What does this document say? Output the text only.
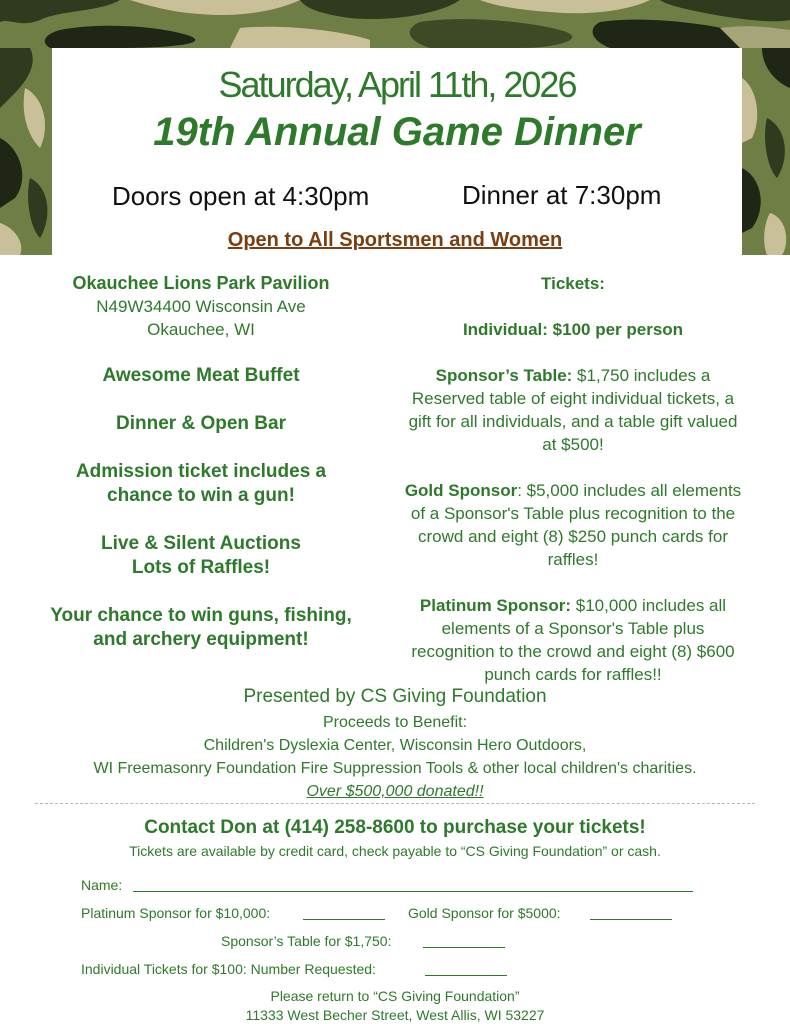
Saturday, April 11th, 2026
19th Annual Game Dinner
Doors open at 4:30pm	Dinner at 7:30pm
Open to All Sportsmen and Women
Okauchee Lions Park Pavilion
N49W34400 Wisconsin Ave
Okauchee, WI
Awesome Meat Buffet
Dinner & Open Bar
Admission ticket includes a
chance to win a gun!
Live & Silent Auctions
Lots of Raffles!
Your chance to win guns, fishing,
and archery equipment!
Tickets:
Individual: $100 per person
Sponsor’s Table: $1,750 includes a
Reserved table of eight individual tickets, a
gift for all individuals, and a table gift valued
at $500!
Gold Sponsor: $5,000 includes all elements
of a Sponsor's Table plus recognition to the
crowd and eight (8) $250 punch cards for
raffles!
Platinum Sponsor: $10,000 includes all
elements of a Sponsor's Table plus
recognition to the crowd and eight (8) $600
punch cards for raffles!!
Presented by CS Giving Foundation
Proceeds to Benefit:
Children's Dyslexia Center, Wisconsin Hero Outdoors,
WI Freemasonry Foundation Fire Suppression Tools & other local children's charities.
Over $500,000 donated!!
Contact Don at (414) 258-8600 to purchase your tickets!
Tickets are available by credit card, check payable to “CS Giving Foundation” or cash.
Name:
Platinum Sponsor for $10,000:	Gold Sponsor for $5000:
Sponsor’s Table for $1,750:
Individual Tickets for $100: Number Requested:
Please return to “CS Giving Foundation”
11333 West Becher Street, West Allis, WI 53227
